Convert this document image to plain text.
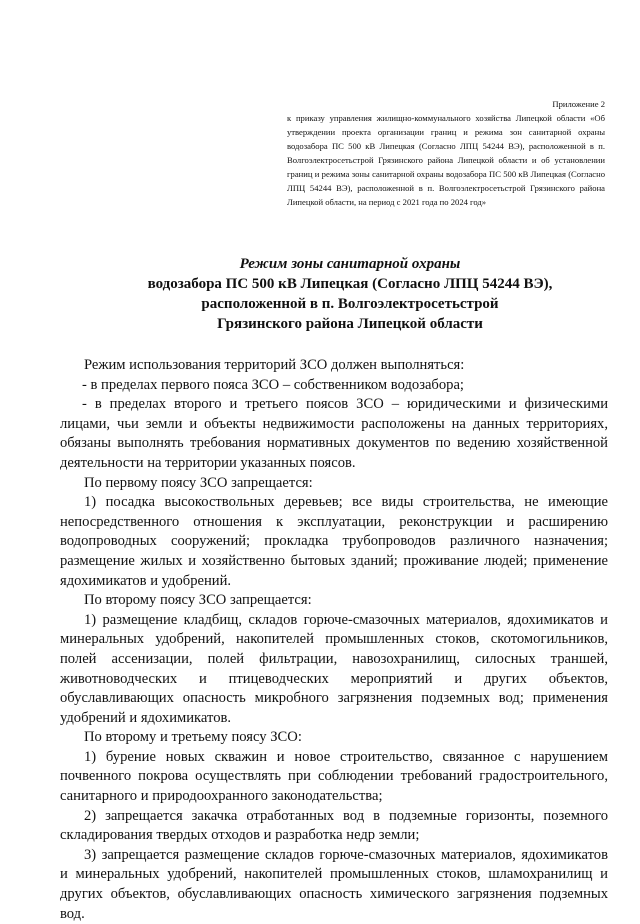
Приложение 2
к приказу управления жилищно-коммунального хозяйства Липецкой области «Об утверждении проекта организации границ и режима зон санитарной охраны водозабора ПС 500 кВ Липецкая (Согласно ЛПЦ 54244 ВЭ), расположенной в п. Волгоэлектросетьстрой Грязинского района Липецкой области и об установлении границ и режима зоны санитарной охраны водозабора ПС 500 кВ Липецкая (Согласно ЛПЦ 54244 ВЭ), расположенной в п. Волгоэлектросетьстрой Грязинского района Липецкой области, на период с 2021 года по 2024 год»
Режим зоны санитарной охраны
водозабора ПС 500 кВ Липецкая (Согласно ЛПЦ 54244 ВЭ),
расположенной в п. Волгоэлектросетьстрой
Грязинского района Липецкой области

Режим использования территорий ЗСО должен выполняться:

- в пределах первого пояса ЗСО – собственником водозабора;

- в пределах второго и третьего поясов ЗСО – юридическими и физическими лицами, чьи земли и объекты недвижимости расположены на данных территориях, обязаны выполнять требования нормативных документов по ведению хозяйственной деятельности на территории указанных поясов.

По первому поясу ЗСО запрещается:

1) посадка высокоствольных деревьев; все виды строительства, не имеющие непосредственного отношения к эксплуатации, реконструкции и расширению водопроводных сооружений; прокладка трубопроводов различного назначения; размещение жилых и хозяйственно бытовых зданий; проживание людей; применение ядохимикатов и удобрений.

По второму поясу ЗСО запрещается:

1) размещение кладбищ, складов горюче-смазочных материалов, ядохимикатов и минеральных удобрений, накопителей промышленных стоков, скотомогильников, полей ассенизации, полей фильтрации, навозохранилищ, силосных траншей, животноводческих и птицеводческих мероприятий и других объектов, обуславливающих опасность микробного загрязнения подземных вод; применения удобрений и ядохимикатов.

По второму и третьему поясу ЗСО:

1) бурение новых скважин и новое строительство, связанное с нарушением почвенного покрова осуществлять при соблюдении требований градостроительного, санитарного и природоохранного законодательства;

2) запрещается закачка отработанных вод в подземные горизонты, поземного складирования твердых отходов и разработка недр земли;

3) запрещается размещение складов горюче-смазочных материалов, ядохимикатов и минеральных удобрений, накопителей промышленных стоков, шламохранилищ и других объектов, обуславливающих опасность химического загрязнения подземных вод.
